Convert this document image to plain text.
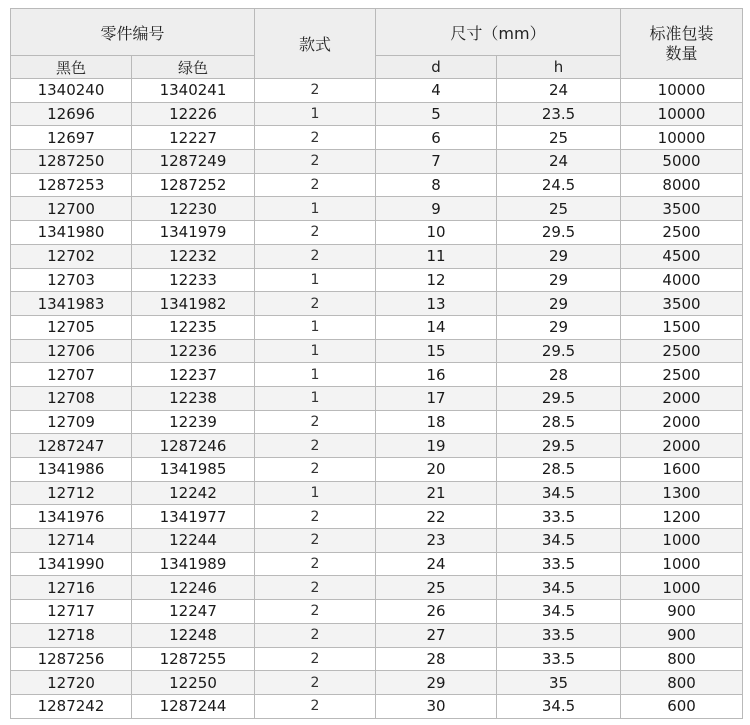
零件编号		款式	尺寸（mm）		标准包装
数量
黑色	绿色		d	h	
1340240	1340241	2	4	24	10000
12696	12226	1	5	23.5	10000
12697	12227	2	6	25	10000
1287250	1287249	2	7	24	5000
1287253	1287252	2	8	24.5	8000
12700	12230	1	9	25	3500
1341980	1341979	2	10	29.5	2500
12702	12232	2	11	29	4500
12703	12233	1	12	29	4000
1341983	1341982	2	13	29	3500
12705	12235	1	14	29	1500
12706	12236	1	15	29.5	2500
12707	12237	1	16	28	2500
12708	12238	1	17	29.5	2000
12709	12239	2	18	28.5	2000
1287247	1287246	2	19	29.5	2000
1341986	1341985	2	20	28.5	1600
12712	12242	1	21	34.5	1300
1341976	1341977	2	22	33.5	1200
12714	12244	2	23	34.5	1000
1341990	1341989	2	24	33.5	1000
12716	12246	2	25	34.5	1000
12717	12247	2	26	34.5	900
12718	12248	2	27	33.5	900
1287256	1287255	2	28	33.5	800
12720	12250	2	29	35	800
1287242	1287244	2	30	34.5	600
